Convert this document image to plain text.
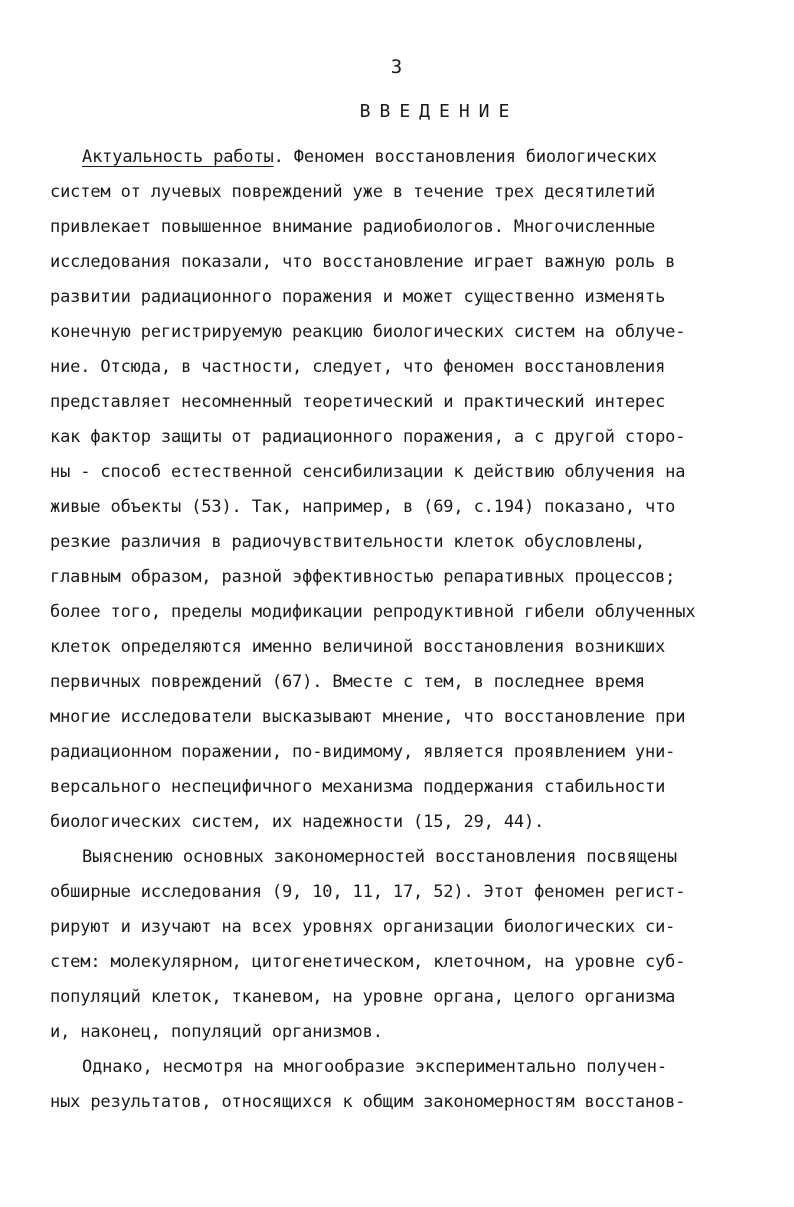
3
ВВЕДЕНИЕ
Актуальность работы. Феномен восстановления биологических
систем от лучевых повреждений уже в течение трех десятилетий
привлекает повышенное внимание радиобиологов. Многочисленные
исследования показали, что восстановление играет важную роль в
развитии радиационного поражения и может существенно изменять
конечную регистрируемую реакцию биологических систем на облуче-
ние. Отсюда, в частности, следует, что феномен восстановления
представляет несомненный теоретический и практический интерес
как фактор защиты от радиационного поражения, а с другой сторо-
ны - способ естественной сенсибилизации к действию облучения на
живые объекты (53). Так, например, в (69, с.194) показано, что
резкие различия в радиочувствительности клеток обусловлены,
главным образом, разной эффективностью репаративных процессов;
более того, пределы модификации репродуктивной гибели облученных
клеток определяются именно величиной восстановления возникших
первичных повреждений (67). Вместе с тем, в последнее время
многие исследователи высказывают мнение, что восстановление при
радиационном поражении, по-видимому, является проявлением уни-
версального неспецифичного механизма поддержания стабильности
биологических систем, их надежности (15, 29, 44).
Выяснению основных закономерностей восстановления посвящены
обширные исследования (9, 10, 11, 17, 52). Этот феномен регист-
рируют и изучают на всех уровнях организации биологических си-
стем: молекулярном, цитогенетическом, клеточном, на уровне суб-
популяций клеток, тканевом, на уровне органа, целого организма
и, наконец, популяций организмов.
Однако, несмотря на многообразие экспериментально получен-
ных результатов, относящихся к общим закономерностям восстанов-
